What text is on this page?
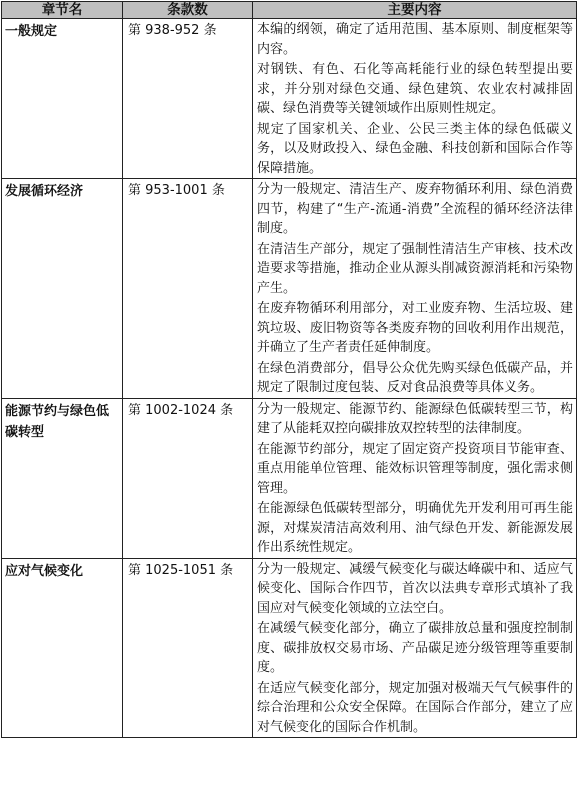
章节名	条款数	主要内容
一般规定	第 938-952 条	本编的纲领，确定了适用范围、基本原则、制度框架等内容。
对钢铁、有色、石化等高耗能行业的绿色转型提出要求，并分别对绿色交通、绿色建筑、农业农村减排固碳、绿色消费等关键领域作出原则性规定。
规定了国家机关、企业、公民三类主体的绿色低碳义务，以及财政投入、绿色金融、科技创新和国际合作等保障措施。

发展循环经济	第 953-1001 条	分为一般规定、清洁生产、废弃物循环利用、绿色消费四节，构建了“生产-流通-消费”全流程的循环经济法律制度。
在清洁生产部分，规定了强制性清洁生产审核、技术改造要求等措施，推动企业从源头削减资源消耗和污染物产生。
在废弃物循环利用部分，对工业废弃物、生活垃圾、建筑垃圾、废旧物资等各类废弃物的回收利用作出规范，并确立了生产者责任延伸制度。
在绿色消费部分，倡导公众优先购买绿色低碳产品，并规定了限制过度包装、反对食品浪费等具体义务。

能源节约与绿色低碳转型	第 1002-1024 条	分为一般规定、能源节约、能源绿色低碳转型三节，构建了从能耗双控向碳排放双控转型的法律制度。
在能源节约部分，规定了固定资产投资项目节能审查、重点用能单位管理、能效标识管理等制度，强化需求侧管理。
在能源绿色低碳转型部分，明确优先开发利用可再生能源，对煤炭清洁高效利用、油气绿色开发、新能源发展作出系统性规定。

应对气候变化	第 1025-1051 条	分为一般规定、减缓气候变化与碳达峰碳中和、适应气候变化、国际合作四节，首次以法典专章形式填补了我国应对气候变化领域的立法空白。
在减缓气候变化部分，确立了碳排放总量和强度控制制度、碳排放权交易市场、产品碳足迹分级管理等重要制度。
在适应气候变化部分，规定加强对极端天气气候事件的综合治理和公众安全保障。在国际合作部分，建立了应对气候变化的国际合作机制。
